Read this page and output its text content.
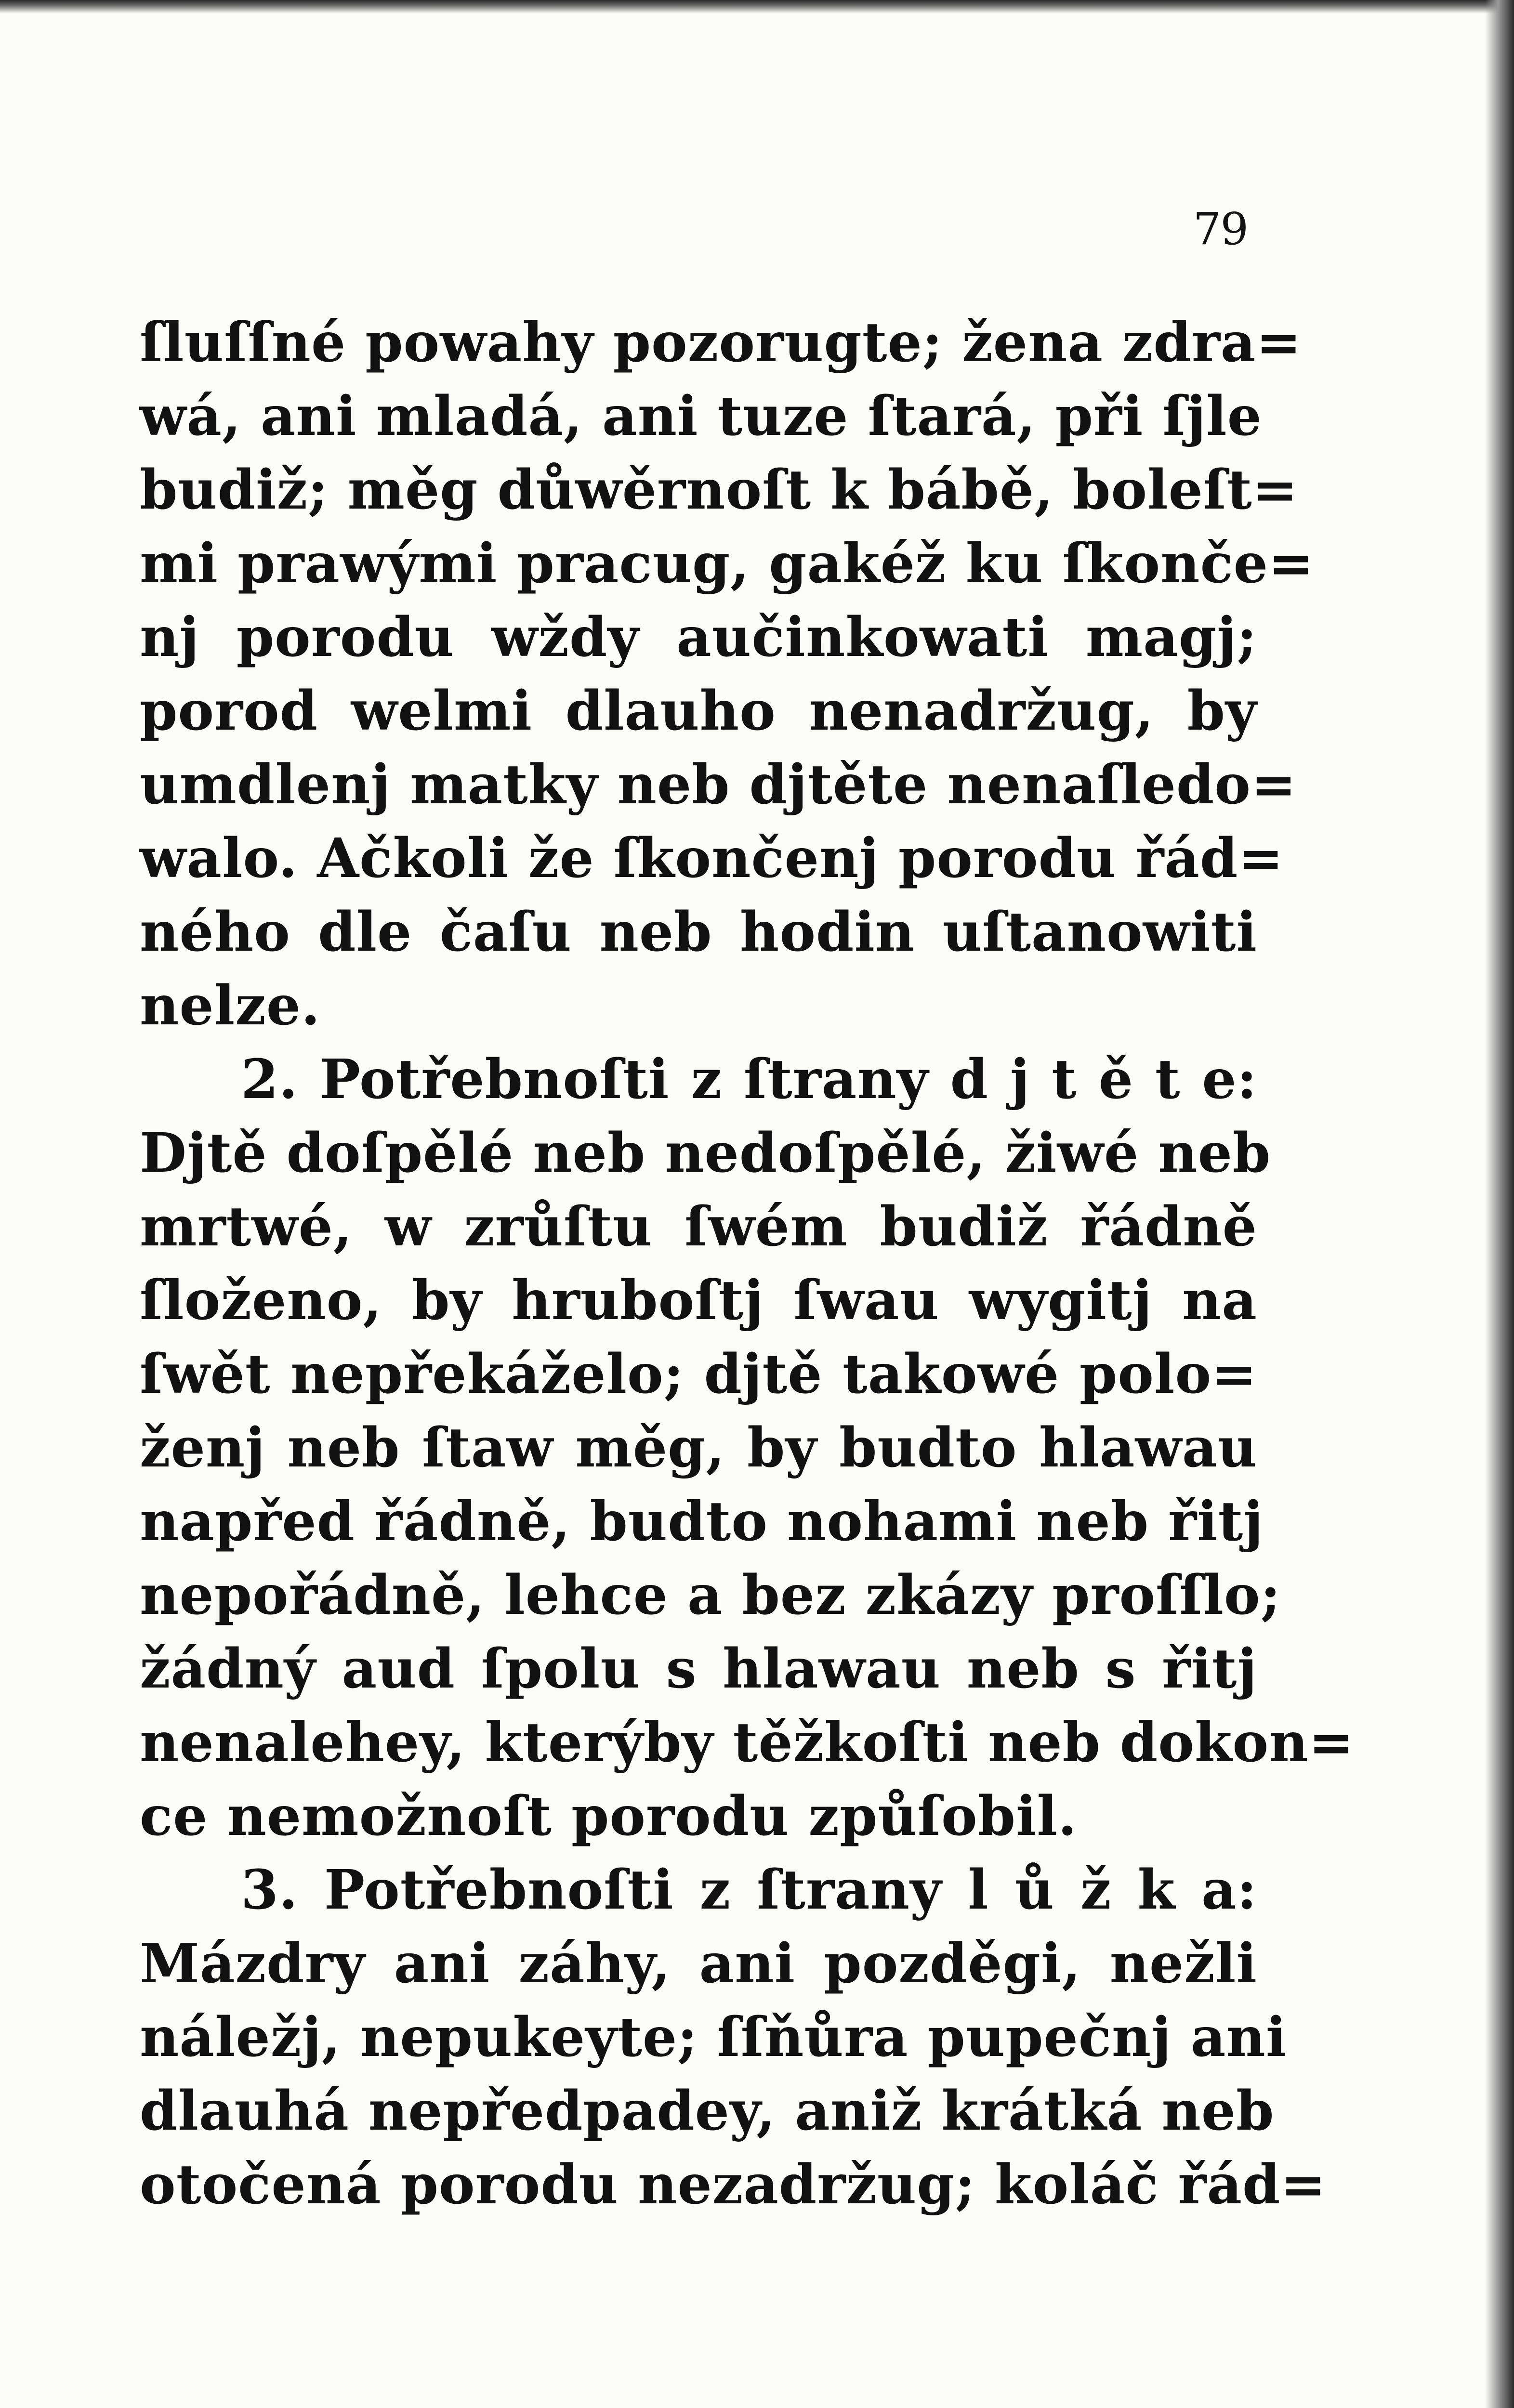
79
ſluſſné powahy pozorugte; žena zdra=
wá, ani mladá, ani tuze ſtará, při ſjle
budiž; měg důwěrnoſt k bábě, boleſt=
mi prawými pracug, gakéž ku ſkonče=
nj porodu wždy aučinkowati magj;
porod welmi dlauho nenadržug, by
umdlenj matky neb djtěte nenaſledo=
walo. Ačkoli že ſkončenj porodu řád=
ného dle čaſu neb hodin uſtanowiti
nelze.
2. Potřebnoſti z ſtrany d j t ě t e:
Djtě doſpělé neb nedoſpělé, žiwé neb
mrtwé, w zrůſtu ſwém budiž řádně
ſloženo, by hruboſtj ſwau wygitj na
ſwět nepřekáželo; djtě takowé polo=
ženj neb ſtaw měg, by budto hlawau
napřed řádně, budto nohami neb řitj
nepořádně, lehce a bez zkázy proſſlo;
žádný aud ſpolu s hlawau neb s řitj
nenalehey, kterýby těžkoſti neb dokon=
ce nemožnoſt porodu způſobil.
3. Potřebnoſti z ſtrany l ů ž k a:
Mázdry ani záhy, ani pozděgi, nežli
náležj, nepukeyte; ſſňůra pupečnj ani
dlauhá nepředpadey, aniž krátká neb
otočená porodu nezadržug; koláč řád=
